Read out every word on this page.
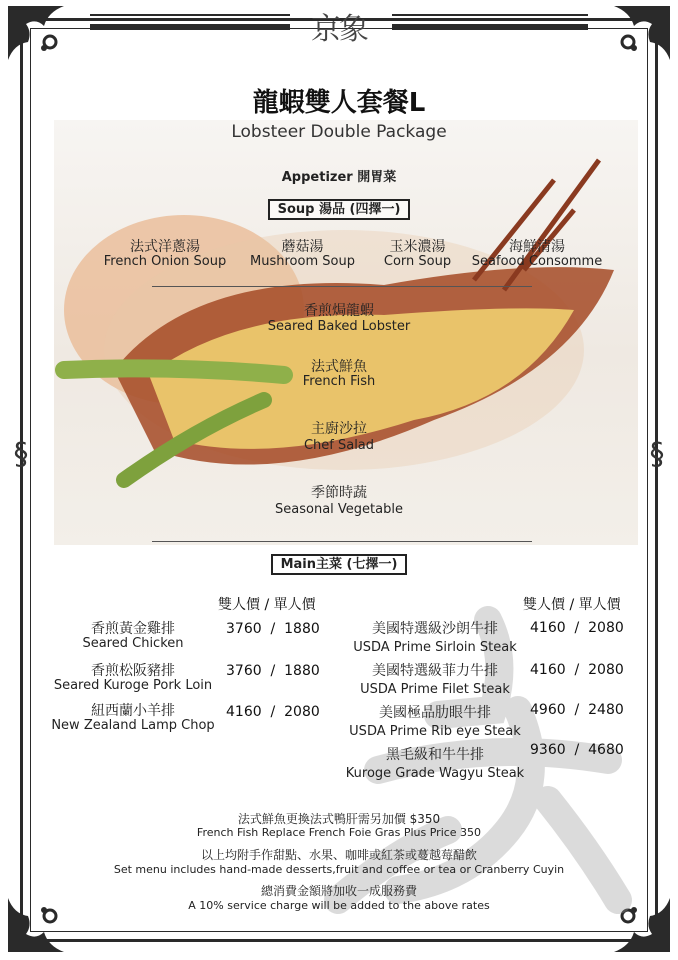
京象
§	§
龍蝦雙人套餐L
Lobsteer Double Package
Appetizer 開胃菜
Soup 湯品 (四擇一)
法式洋蔥湯
French Onion Soup
蘑菇湯
Mushroom Soup
玉米濃湯
Corn Soup
海鮮清湯
Seafood Consomme
香煎焗龍蝦
Seared Baked Lobster
法式鮮魚
French Fish
主廚沙拉
Chef Salad
季節時蔬
Seasonal Vegetable
Main主菜 (七擇一)
雙人價 / 單人價	雙人價 / 單人價
香煎黃金雞排
Seared Chicken
3760  /  1880
香煎松阪豬排
Seared Kuroge Pork Loin
3760  /  1880
紐西蘭小羊排
New Zealand Lamp Chop
4160  /  2080
美國特選級沙朗牛排
USDA Prime Sirloin Steak
4160  /  2080
美國特選級菲力牛排
USDA Prime Filet Steak
4160  /  2080
美國極品肋眼牛排
USDA Prime Rib eye Steak
4960  /  2480
黑毛級和牛牛排
Kuroge Grade Wagyu Steak
9360  /  4680
法式鮮魚更換法式鴨肝需另加價 $350
French Fish Replace French Foie Gras Plus Price 350
以上均附手作甜點、水果、咖啡或紅茶或蔓越莓醋飲
Set menu includes hand-made desserts,fruit and coffee or tea or Cranberry Cuyin
總消費金額將加收一成服務費
A 10% service charge will be added to the above rates
